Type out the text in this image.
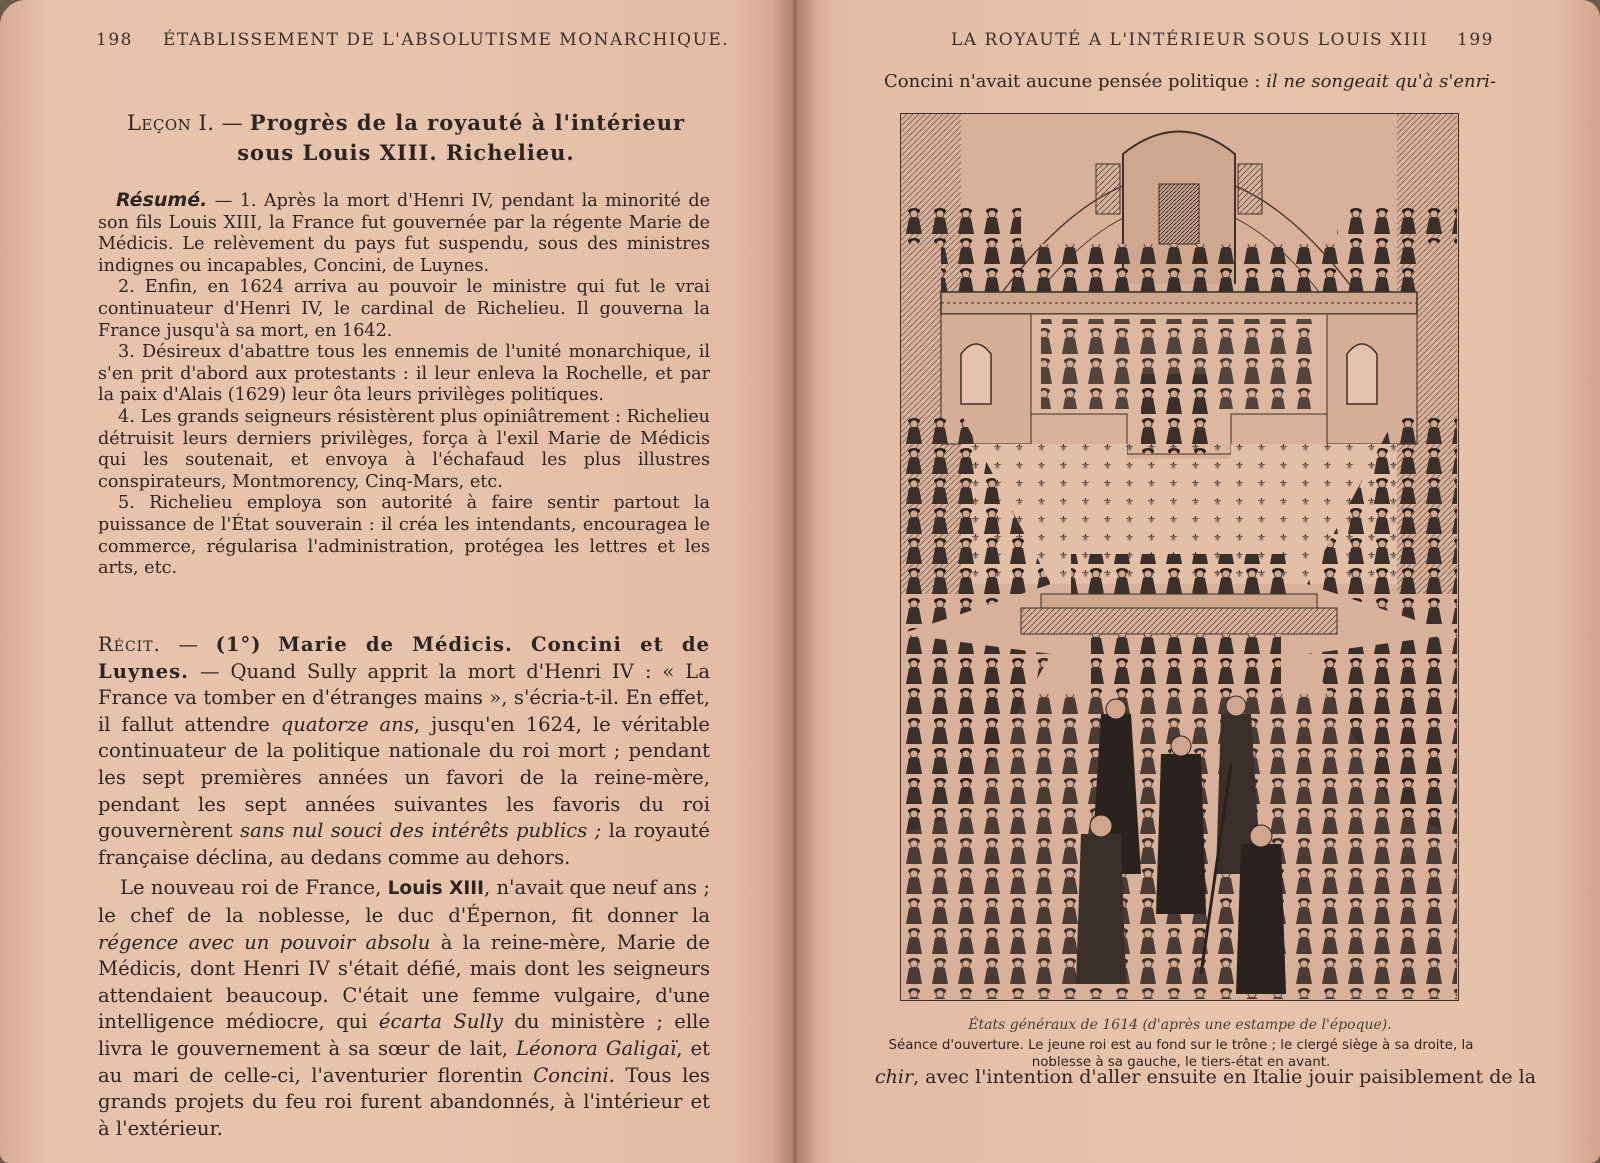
198 ÉTABLISSEMENT DE L'ABSOLUTISME MONARCHIQUE.
Leçon I. — Progrès de la royauté à l'intérieur
sous Louis XIII. Richelieu.

Résumé. — 1. Après la mort d'Henri IV, pendant la minorité de son fils Louis XIII, la France fut gouvernée par la régente Marie de Médicis. Le relèvement du pays fut suspendu, sous des ministres indignes ou incapables, Concini, de Luynes.

2. Enfin, en 1624 arriva au pouvoir le ministre qui fut le vrai continuateur d'Henri IV, le cardinal de Richelieu. Il gouverna la France jusqu'à sa mort, en 1642.

3. Désireux d'abattre tous les ennemis de l'unité monarchique, il s'en prit d'abord aux protestants : il leur enleva la Rochelle, et par la paix d'Alais (1629) leur ôta leurs privilèges politiques.

4. Les grands seigneurs résistèrent plus opiniâtrement : Richelieu détruisit leurs derniers privilèges, força à l'exil Marie de Médicis qui les soutenait, et envoya à l'échafaud les plus illustres conspirateurs, Montmorency, Cinq-Mars, etc.

5. Richelieu employa son autorité à faire sentir partout la puissance de l'État souverain : il créa les intendants, encouragea le commerce, régularisa l'administration, protégea les lettres et les arts, etc.

Récit. — (1°) Marie de Médicis. Concini et de Luynes. — Quand Sully apprit la mort d'Henri IV : « La France va tomber en d'étranges mains », s'écria-t-il. En effet, il fallut attendre quatorze ans, jusqu'en 1624, le véritable continuateur de la politique nationale du roi mort ; pendant les sept premières années un favori de la reine-mère, pendant les sept années suivantes les favoris du roi gouvernèrent sans nul souci des intérêts publics ; la royauté française déclina, au dedans comme au dehors.

Le nouveau roi de France, Louis XIII, n'avait que neuf ans ; le chef de la noblesse, le duc d'Épernon, fit donner la régence avec un pouvoir absolu à la reine-mère, Marie de Médicis, dont Henri IV s'était défié, mais dont les seigneurs attendaient beaucoup. C'était une femme vulgaire, d'une intelligence médiocre, qui écarta Sully du ministère ; elle livra le gouvernement à sa sœur de lait, Léonora Galigaï, et au mari de celle-ci, l'aventurier florentin Concini. Tous les grands projets du feu roi furent abandonnés, à l'intérieur et à l'extérieur.

LA ROYAUTÉ A L'INTÉRIEUR SOUS LOUIS XIII 199
Concini n'avait aucune pensée politique : il ne songeait qu'à s'enri-
États généraux de 1614 (d'après une estampe de l'époque).
Séance d'ouverture. Le jeune roi est au fond sur le trône ; le clergé siège à sa droite, la noblesse à sa gauche, le tiers-état en avant.
chir, avec l'intention d'aller ensuite en Italie jouir paisiblement de la
